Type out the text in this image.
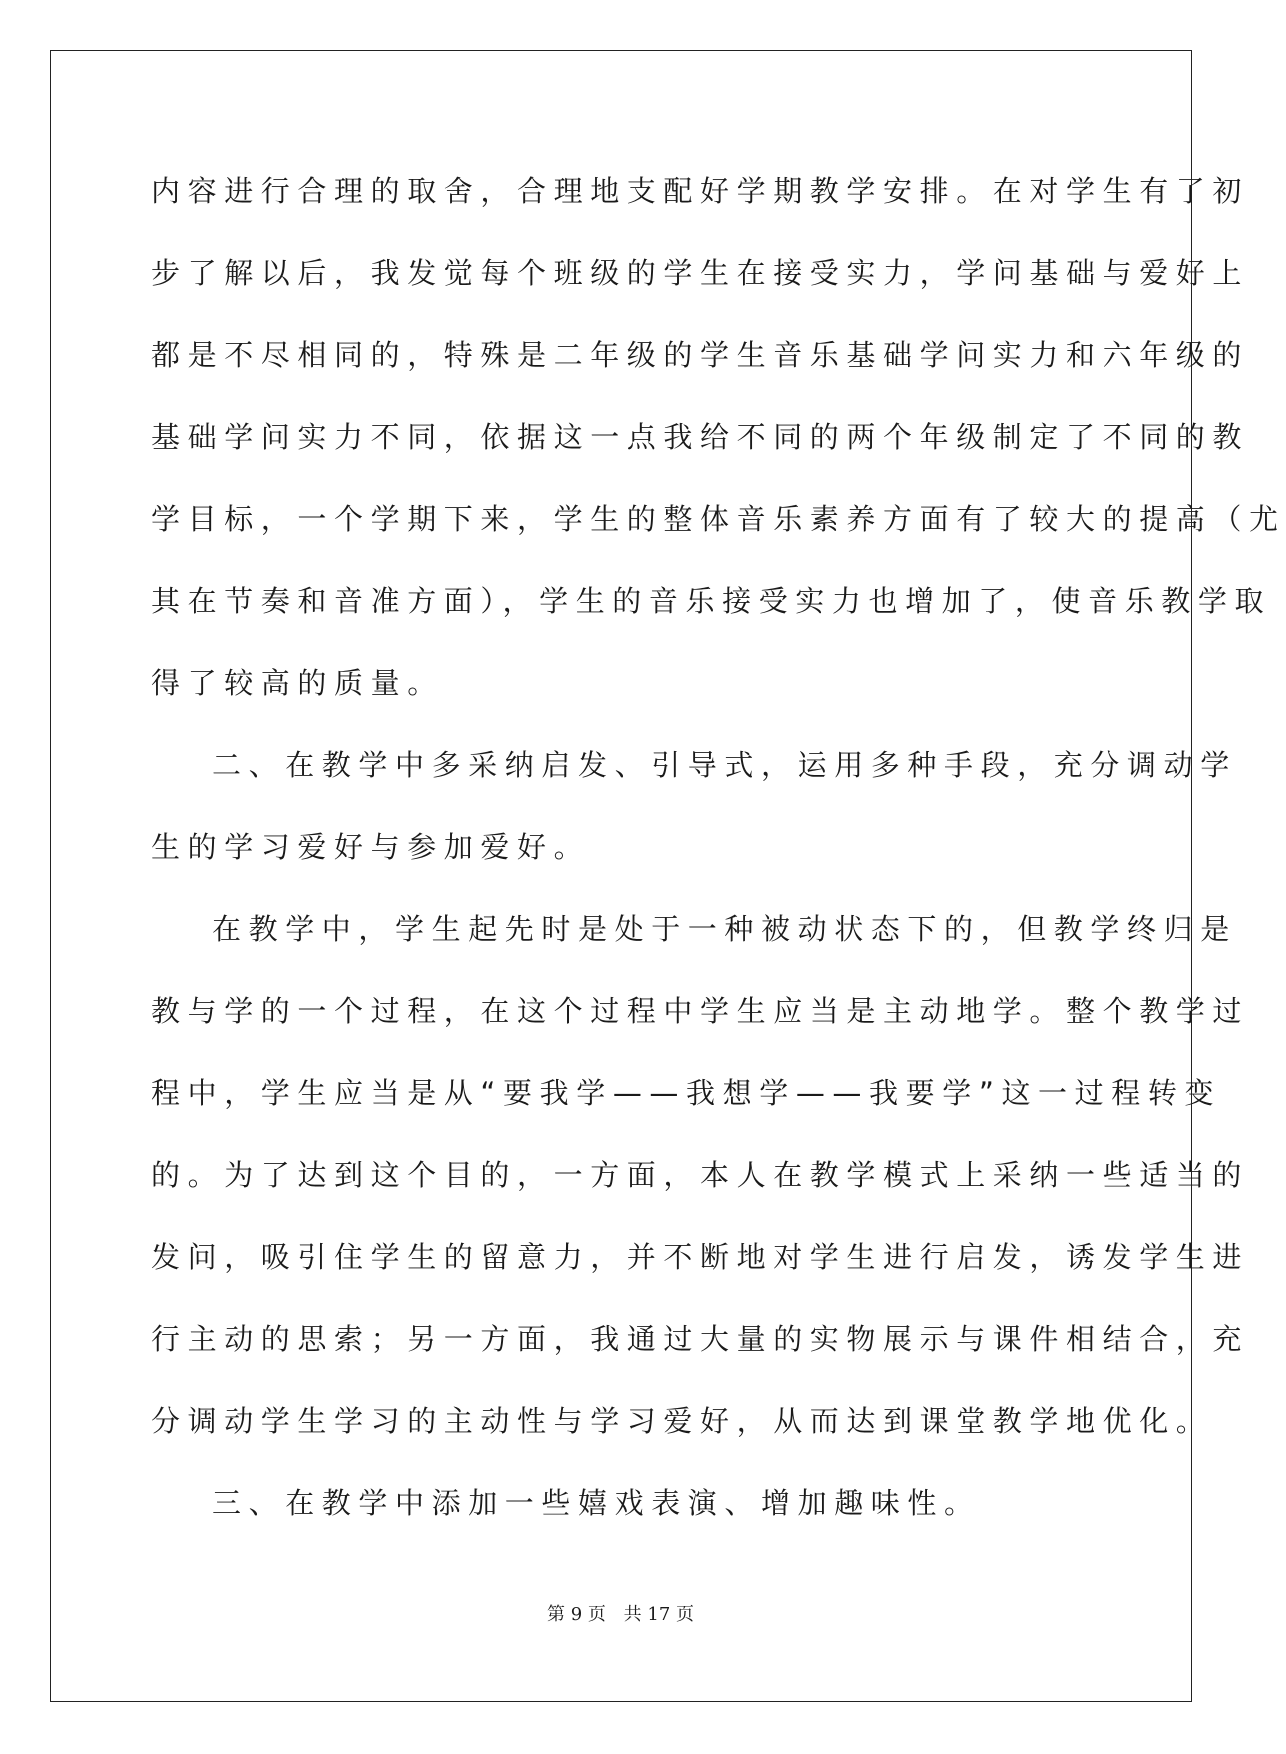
内容进行合理的取舍，合理地支配好学期教学安排。在对学生有了初
步了解以后，我发觉每个班级的学生在接受实力，学问基础与爱好上
都是不尽相同的，特殊是二年级的学生音乐基础学问实力和六年级的
基础学问实力不同，依据这一点我给不同的两个年级制定了不同的教
学目标，一个学期下来，学生的整体音乐素养方面有了较大的提高（尤
其在节奏和音准方面），学生的音乐接受实力也增加了，使音乐教学取
得了较高的质量。
二、在教学中多采纳启发、引导式，运用多种手段，充分调动学
生的学习爱好与参加爱好。
在教学中，学生起先时是处于一种被动状态下的，但教学终归是
教与学的一个过程，在这个过程中学生应当是主动地学。整个教学过
程中，学生应当是从“要我学——我想学——我要学”这一过程转变
的。为了达到这个目的，一方面，本人在教学模式上采纳一些适当的
发问，吸引住学生的留意力，并不断地对学生进行启发，诱发学生进
行主动的思索；另一方面，我通过大量的实物展示与课件相结合，充
分调动学生学习的主动性与学习爱好，从而达到课堂教学地优化。
三、在教学中添加一些嬉戏表演、增加趣味性。
第 9 页 共 17 页
